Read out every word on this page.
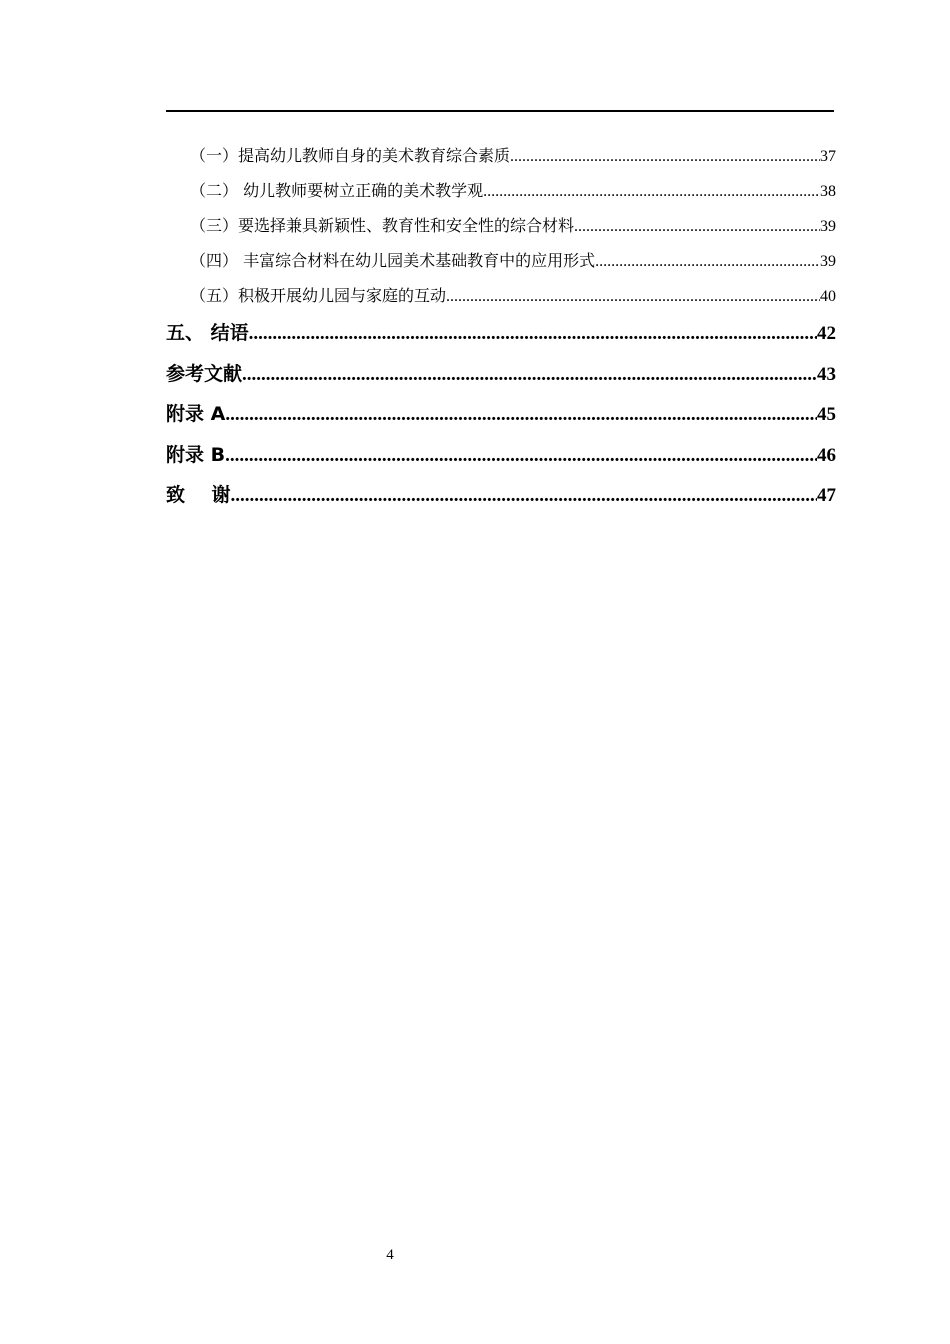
（一）提高幼儿教师自身的美术教育综合素质 .....	37
（二） 幼儿教师要树立正确的美术教学观 .....	38
（三）要选择兼具新颖性、教育性和安全性的综合材料 .....	39
（四） 丰富综合材料在幼儿园美术基础教育中的应用形式 .....	39
（五）积极开展幼儿园与家庭的互动 .....	40
五、 结语 .....	42
参考文献 .....	43
附录 A .....	45
附录 B .....	46
致    谢 .....	47
4
